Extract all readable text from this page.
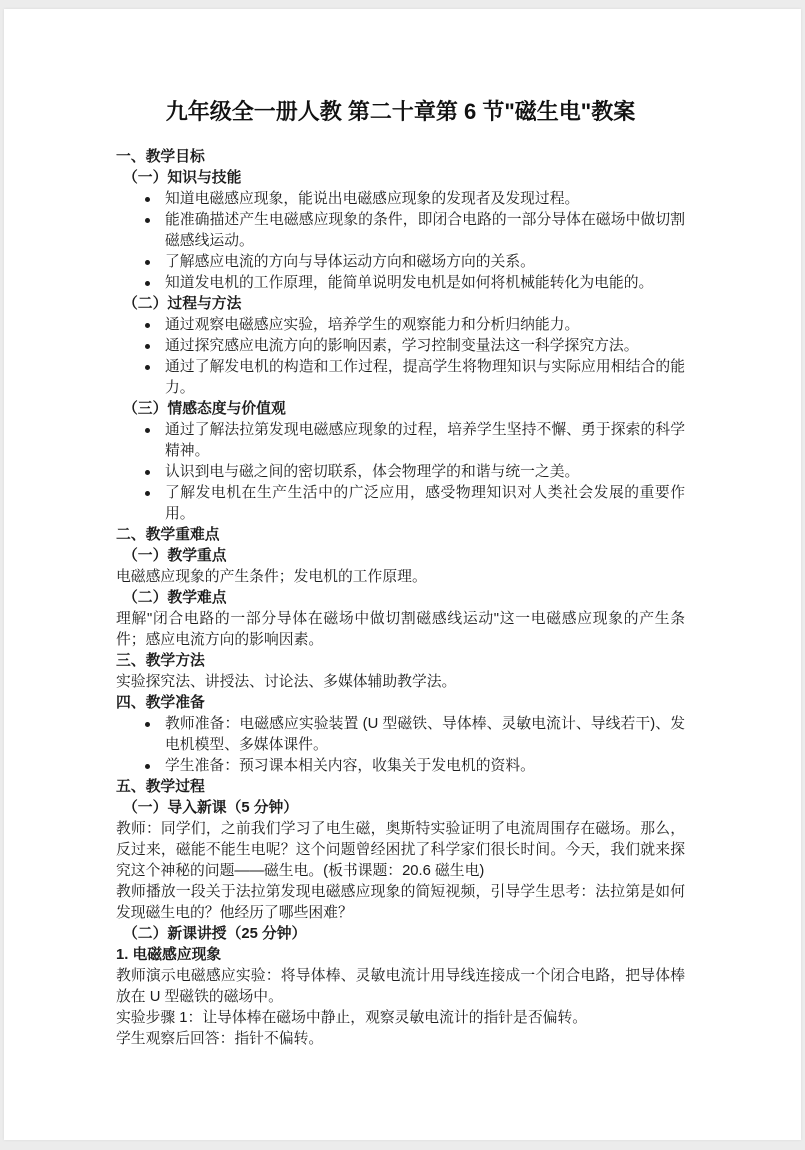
九年级全一册人教 第二十章第 6 节"磁生电"教案
一、教学目标
（一）知识与技能
知道电磁感应现象，能说出电磁感应现象的发现者及发现过程。
能准确描述产生电磁感应现象的条件，即闭合电路的一部分导体在磁场中做切割磁感线运动。
了解感应电流的方向与导体运动方向和磁场方向的关系。
知道发电机的工作原理，能简单说明发电机是如何将机械能转化为电能的。
（二）过程与方法
通过观察电磁感应实验，培养学生的观察能力和分析归纳能力。
通过探究感应电流方向的影响因素，学习控制变量法这一科学探究方法。
通过了解发电机的构造和工作过程，提高学生将物理知识与实际应用相结合的能力。
（三）情感态度与价值观
通过了解法拉第发现电磁感应现象的过程，培养学生坚持不懈、勇于探索的科学精神。
认识到电与磁之间的密切联系，体会物理学的和谐与统一之美。
了解发电机在生产生活中的广泛应用，感受物理知识对人类社会发展的重要作用。
二、教学重难点
（一）教学重点
电磁感应现象的产生条件；发电机的工作原理。
（二）教学难点
理解"闭合电路的一部分导体在磁场中做切割磁感线运动"这一电磁感应现象的产生条件；感应电流方向的影响因素。
三、教学方法
实验探究法、讲授法、讨论法、多媒体辅助教学法。
四、教学准备
教师准备：电磁感应实验装置 (U 型磁铁、导体棒、灵敏电流计、导线若干)、发电机模型、多媒体课件。
学生准备：预习课本相关内容，收集关于发电机的资料。
五、教学过程
（一）导入新课（5 分钟）
教师：同学们，之前我们学习了电生磁，奥斯特实验证明了电流周围存在磁场。那么，反过来，磁能不能生电呢？这个问题曾经困扰了科学家们很长时间。今天，我们就来探究这个神秘的问题——磁生电。(板书课题：20.6 磁生电)
教师播放一段关于法拉第发现电磁感应现象的简短视频，引导学生思考：法拉第是如何发现磁生电的？他经历了哪些困难？
（二）新课讲授（25 分钟）
1. 电磁感应现象
教师演示电磁感应实验：将导体棒、灵敏电流计用导线连接成一个闭合电路，把导体棒放在 U 型磁铁的磁场中。
实验步骤 1：让导体棒在磁场中静止，观察灵敏电流计的指针是否偏转。
学生观察后回答：指针不偏转。
